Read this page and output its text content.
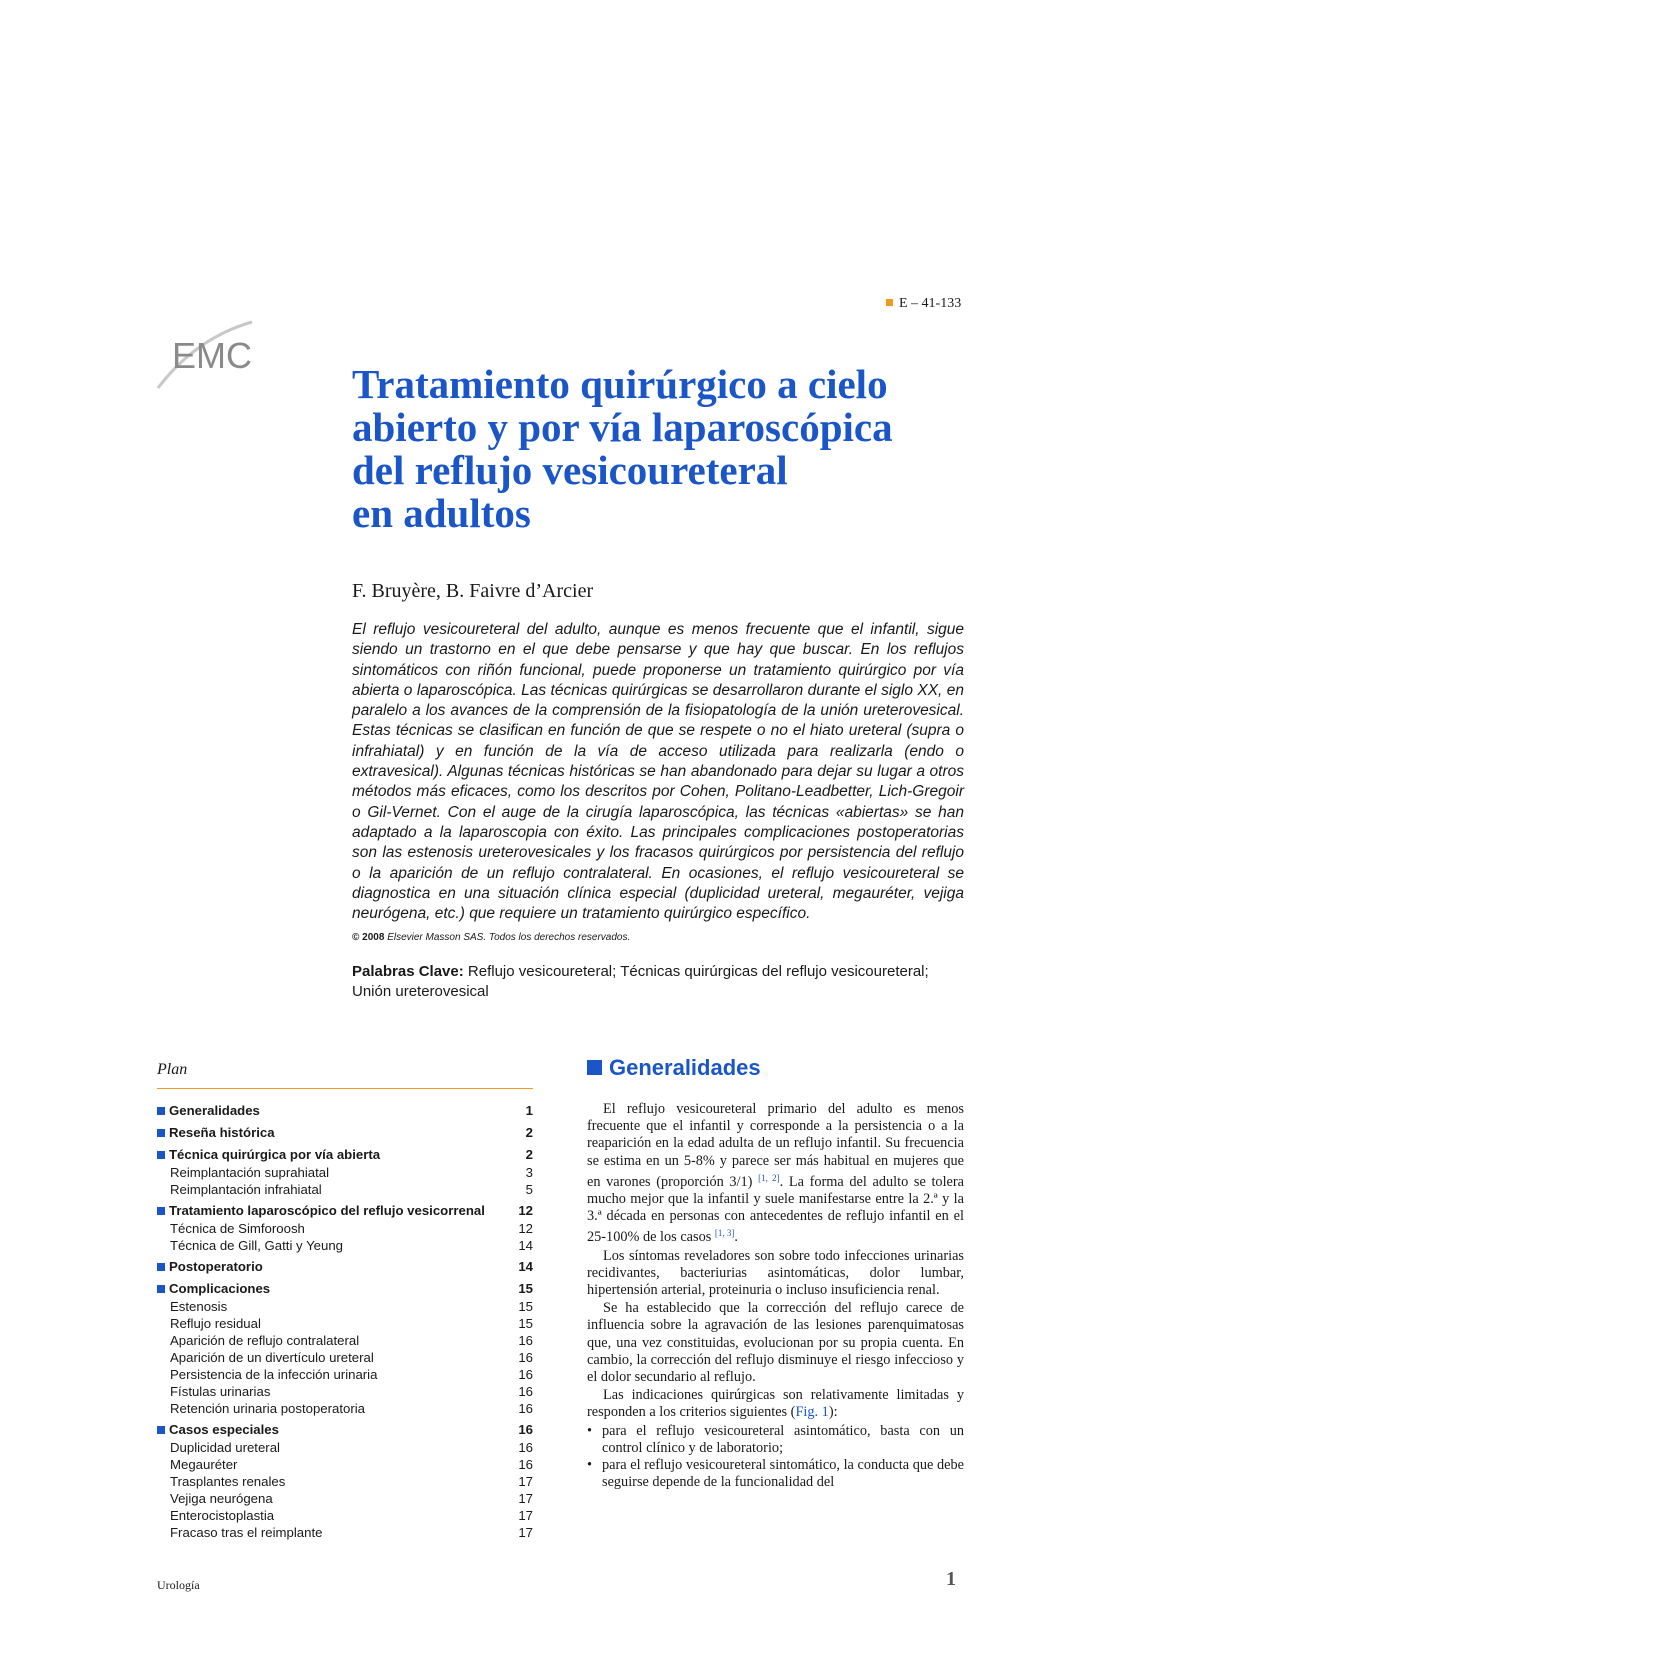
E – 41-133
EMC
Tratamiento quirúrgico a cielo
abierto y por vía laparoscópica
del reflujo vesicoureteral
en adultos
F. Bruyère, B. Faivre d’Arcier

El reflujo vesicoureteral del adulto, aunque es menos frecuente que el infantil, sigue siendo un trastorno en el que debe pensarse y que hay que buscar. En los reflujos sintomáticos con riñón funcional, puede proponerse un tratamiento quirúrgico por vía abierta o laparoscópica. Las técnicas quirúrgicas se desarrollaron durante el siglo XX, en paralelo a los avances de la comprensión de la fisiopatología de la unión ureterovesical. Estas técnicas se clasifican en función de que se respete o no el hiato ureteral (supra o infrahiatal) y en función de la vía de acceso utilizada para realizarla (endo o extravesical). Algunas técnicas históricas se han abandonado para dejar su lugar a otros métodos más eficaces, como los descritos por Cohen, Politano-Leadbetter, Lich-Gregoir o Gil-Vernet. Con el auge de la cirugía laparoscópica, las técnicas «abiertas» se han adaptado a la laparoscopia con éxito. Las principales complicaciones postoperatorias son las estenosis ureterovesicales y los fracasos quirúrgicos por persistencia del reflujo o la aparición de un reflujo contralateral. En ocasiones, el reflujo vesicoureteral se diagnostica en una situación clínica especial (duplicidad ureteral, megauréter, vejiga neurógena, etc.) que requiere un tratamiento quirúrgico específico.

© 2008 Elsevier Masson SAS. Todos los derechos reservados.
Palabras Clave: Reflujo vesicoureteral; Técnicas quirúrgicas del reflujo vesicoureteral; Unión ureterovesical
Plan
Generalidades	1
Reseña histórica	2
Técnica quirúrgica por vía abierta	2
Reimplantación suprahiatal	3
Reimplantación infrahiatal	5
Tratamiento laparoscópico del reflujo vesicorrenal	12
Técnica de Simforoosh	12
Técnica de Gill, Gatti y Yeung	14
Postoperatorio	14
Complicaciones	15
Estenosis	15
Reflujo residual	15
Aparición de reflujo contralateral	16
Aparición de un divertículo ureteral	16
Persistencia de la infección urinaria	16
Fístulas urinarias	16
Retención urinaria postoperatoria	16
Casos especiales	16
Duplicidad ureteral	16
Megauréter	16
Trasplantes renales	17
Vejiga neurógena	17
Enterocistoplastia	17
Fracaso tras el reimplante	17
Generalidades

El reflujo vesicoureteral primario del adulto es menos frecuente que el infantil y corresponde a la persistencia o a la reaparición en la edad adulta de un reflujo infantil. Su frecuencia se estima en un 5-8% y parece ser más habitual en mujeres que en varones (proporción 3/1) [1, 2]. La forma del adulto se tolera mucho mejor que la infantil y suele manifestarse entre la 2.ª y la 3.ª década en personas con antecedentes de reflujo infantil en el 25-100% de los casos [1, 3].

Los síntomas reveladores son sobre todo infecciones urinarias recidivantes, bacteriurias asintomáticas, dolor lumbar, hipertensión arterial, proteinuria o incluso insuficiencia renal.

Se ha establecido que la corrección del reflujo carece de influencia sobre la agravación de las lesiones parenquimatosas que, una vez constituidas, evolucionan por su propia cuenta. En cambio, la corrección del reflujo disminuye el riesgo infeccioso y el dolor secundario al reflujo.

Las indicaciones quirúrgicas son relativamente limitadas y responden a los criterios siguientes (Fig. 1):

• para el reflujo vesicoureteral asintomático, basta con un control clínico y de laboratorio;
• para el reflujo vesicoureteral sintomático, la conducta que debe seguirse depende de la funcionalidad del
Urología	1
